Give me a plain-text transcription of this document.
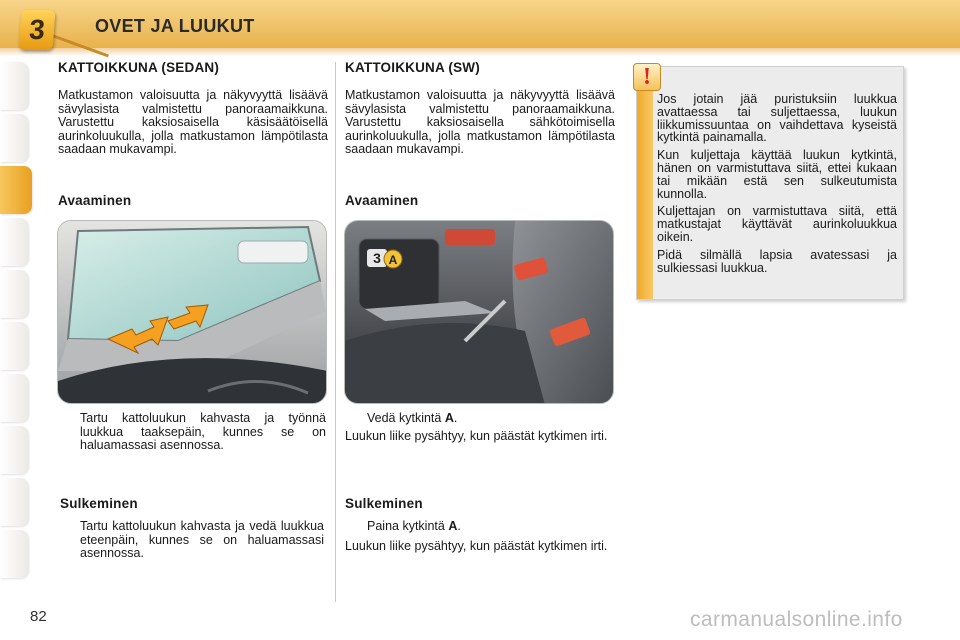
3	OVET JA LUUKUT
KATTOIKKUNA (SEDAN)

Matkustamon valoisuutta ja näkyvyyttä lisäävä sävylasista valmistettu panoraamaikkuna. Varustettu kaksiosaisella käsisäätöisellä aurinkoluukulla, jolla matkustamon lämpötilasta saadaan mukavampi.

Avaaminen
Tartu kattoluukun kahvasta ja työnnä luukkua taaksepäin, kunnes se on haluamassasi asennossa.
Sulkeminen
Tartu kattoluukun kahvasta ja vedä luukkua eteenpäin, kunnes se on haluamassasi asennossa.
KATTOIKKUNA (SW)

Matkustamon valoisuutta ja näkyvyyttä lisäävä sävylasista valmistettu panoraamaikkuna. Varustettu kaksiosaisella sähkötoimisella aurinkoluukulla, jolla matkustamon lämpötilasta saadaan mukavampi.

Avaaminen
3 A
Vedä kytkintä A.
Luukun liike pysähtyy, kun päästät kytkimen irti.
Sulkeminen
Paina kytkintä A.
Luukun liike pysähtyy, kun päästät kytkimen irti.
!

Jos jotain jää puristuksiin luukkua avattaessa tai suljettaessa, luukun liikkumissuuntaa on vaihdettava kyseistä kytkintä painamalla.

Kun kuljettaja käyttää luukun kytkintä, hänen on varmistuttava siitä, ettei kukaan tai mikään estä sen sulkeutumista kunnolla.

Kuljettajan on varmistuttava siitä, että matkustajat käyttävät aurinkoluukkua oikein.

Pidä silmällä lapsia avatessasi ja sulkiessasi luukkua.

82	carmanualsonline.info
